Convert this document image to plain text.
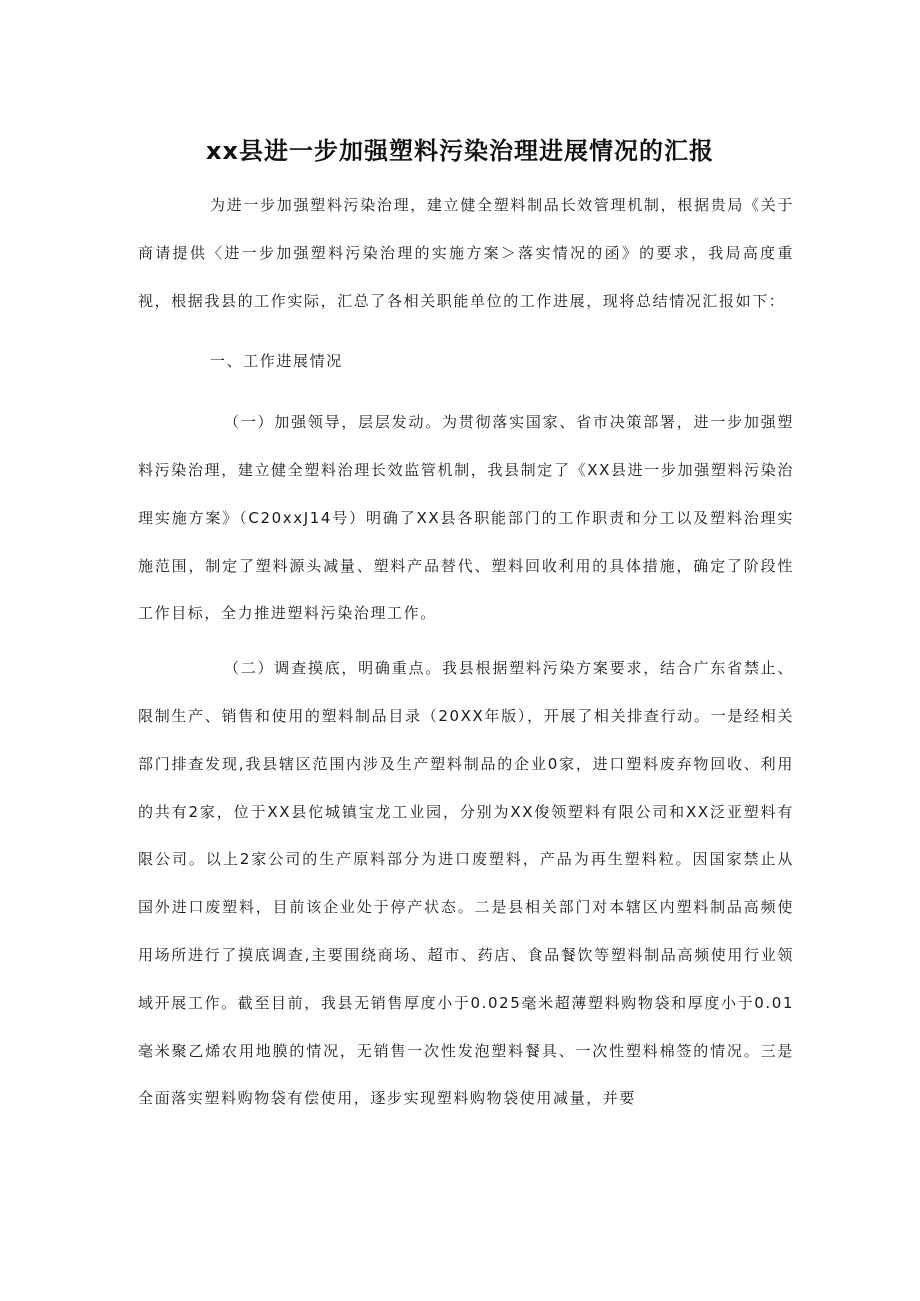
xx县进一步加强塑料污染治理进展情况的汇报

为进一步加强塑料污染治理，建立健全塑料制品长效管理机制，根据贵局《关于商请提供〈进一步加强塑料污染治理的实施方案＞落实情况的函》的要求，我局高度重视，根据我县的工作实际，汇总了各相关职能单位的工作进展，现将总结情况汇报如下：

一、工作进展情况

（一）加强领导，层层发动。为贯彻落实国家、省市决策部署，进一步加强塑料污染治理，建立健全塑料治理长效监管机制，我县制定了《XX县进一步加强塑料污染治理实施方案》（C20xxJ14号）明确了XX县各职能部门的工作职责和分工以及塑料治理实施范围，制定了塑料源头减量、塑料产品替代、塑料回收利用的具体措施，确定了阶段性工作目标，全力推进塑料污染治理工作。

（二）调查摸底，明确重点。我县根据塑料污染方案要求，结合广东省禁止、限制生产、销售和使用的塑料制品目录（20XX年版），开展了相关排查行动。一是经相关部门排查发现,我县辖区范围内涉及生产塑料制品的企业0家，进口塑料废弃物回收、利用的共有2家，位于XX县佗城镇宝龙工业园，分别为XX俊领塑料有限公司和XX泛亚塑料有限公司。以上2家公司的生产原料部分为进口废塑料，产品为再生塑料粒。因国家禁止从国外进口废塑料，目前该企业处于停产状态。二是县相关部门对本辖区内塑料制品高频使用场所进行了摸底调查,主要围绕商场、超市、药店、食品餐饮等塑料制品高频使用行业领域开展工作。截至目前，我县无销售厚度小于0.025毫米超薄塑料购物袋和厚度小于0.01毫米聚乙烯农用地膜的情况，无销售一次性发泡塑料餐具、一次性塑料棉签的情况。三是全面落实塑料购物袋有偿使用，逐步实现塑料购物袋使用减量，并要
